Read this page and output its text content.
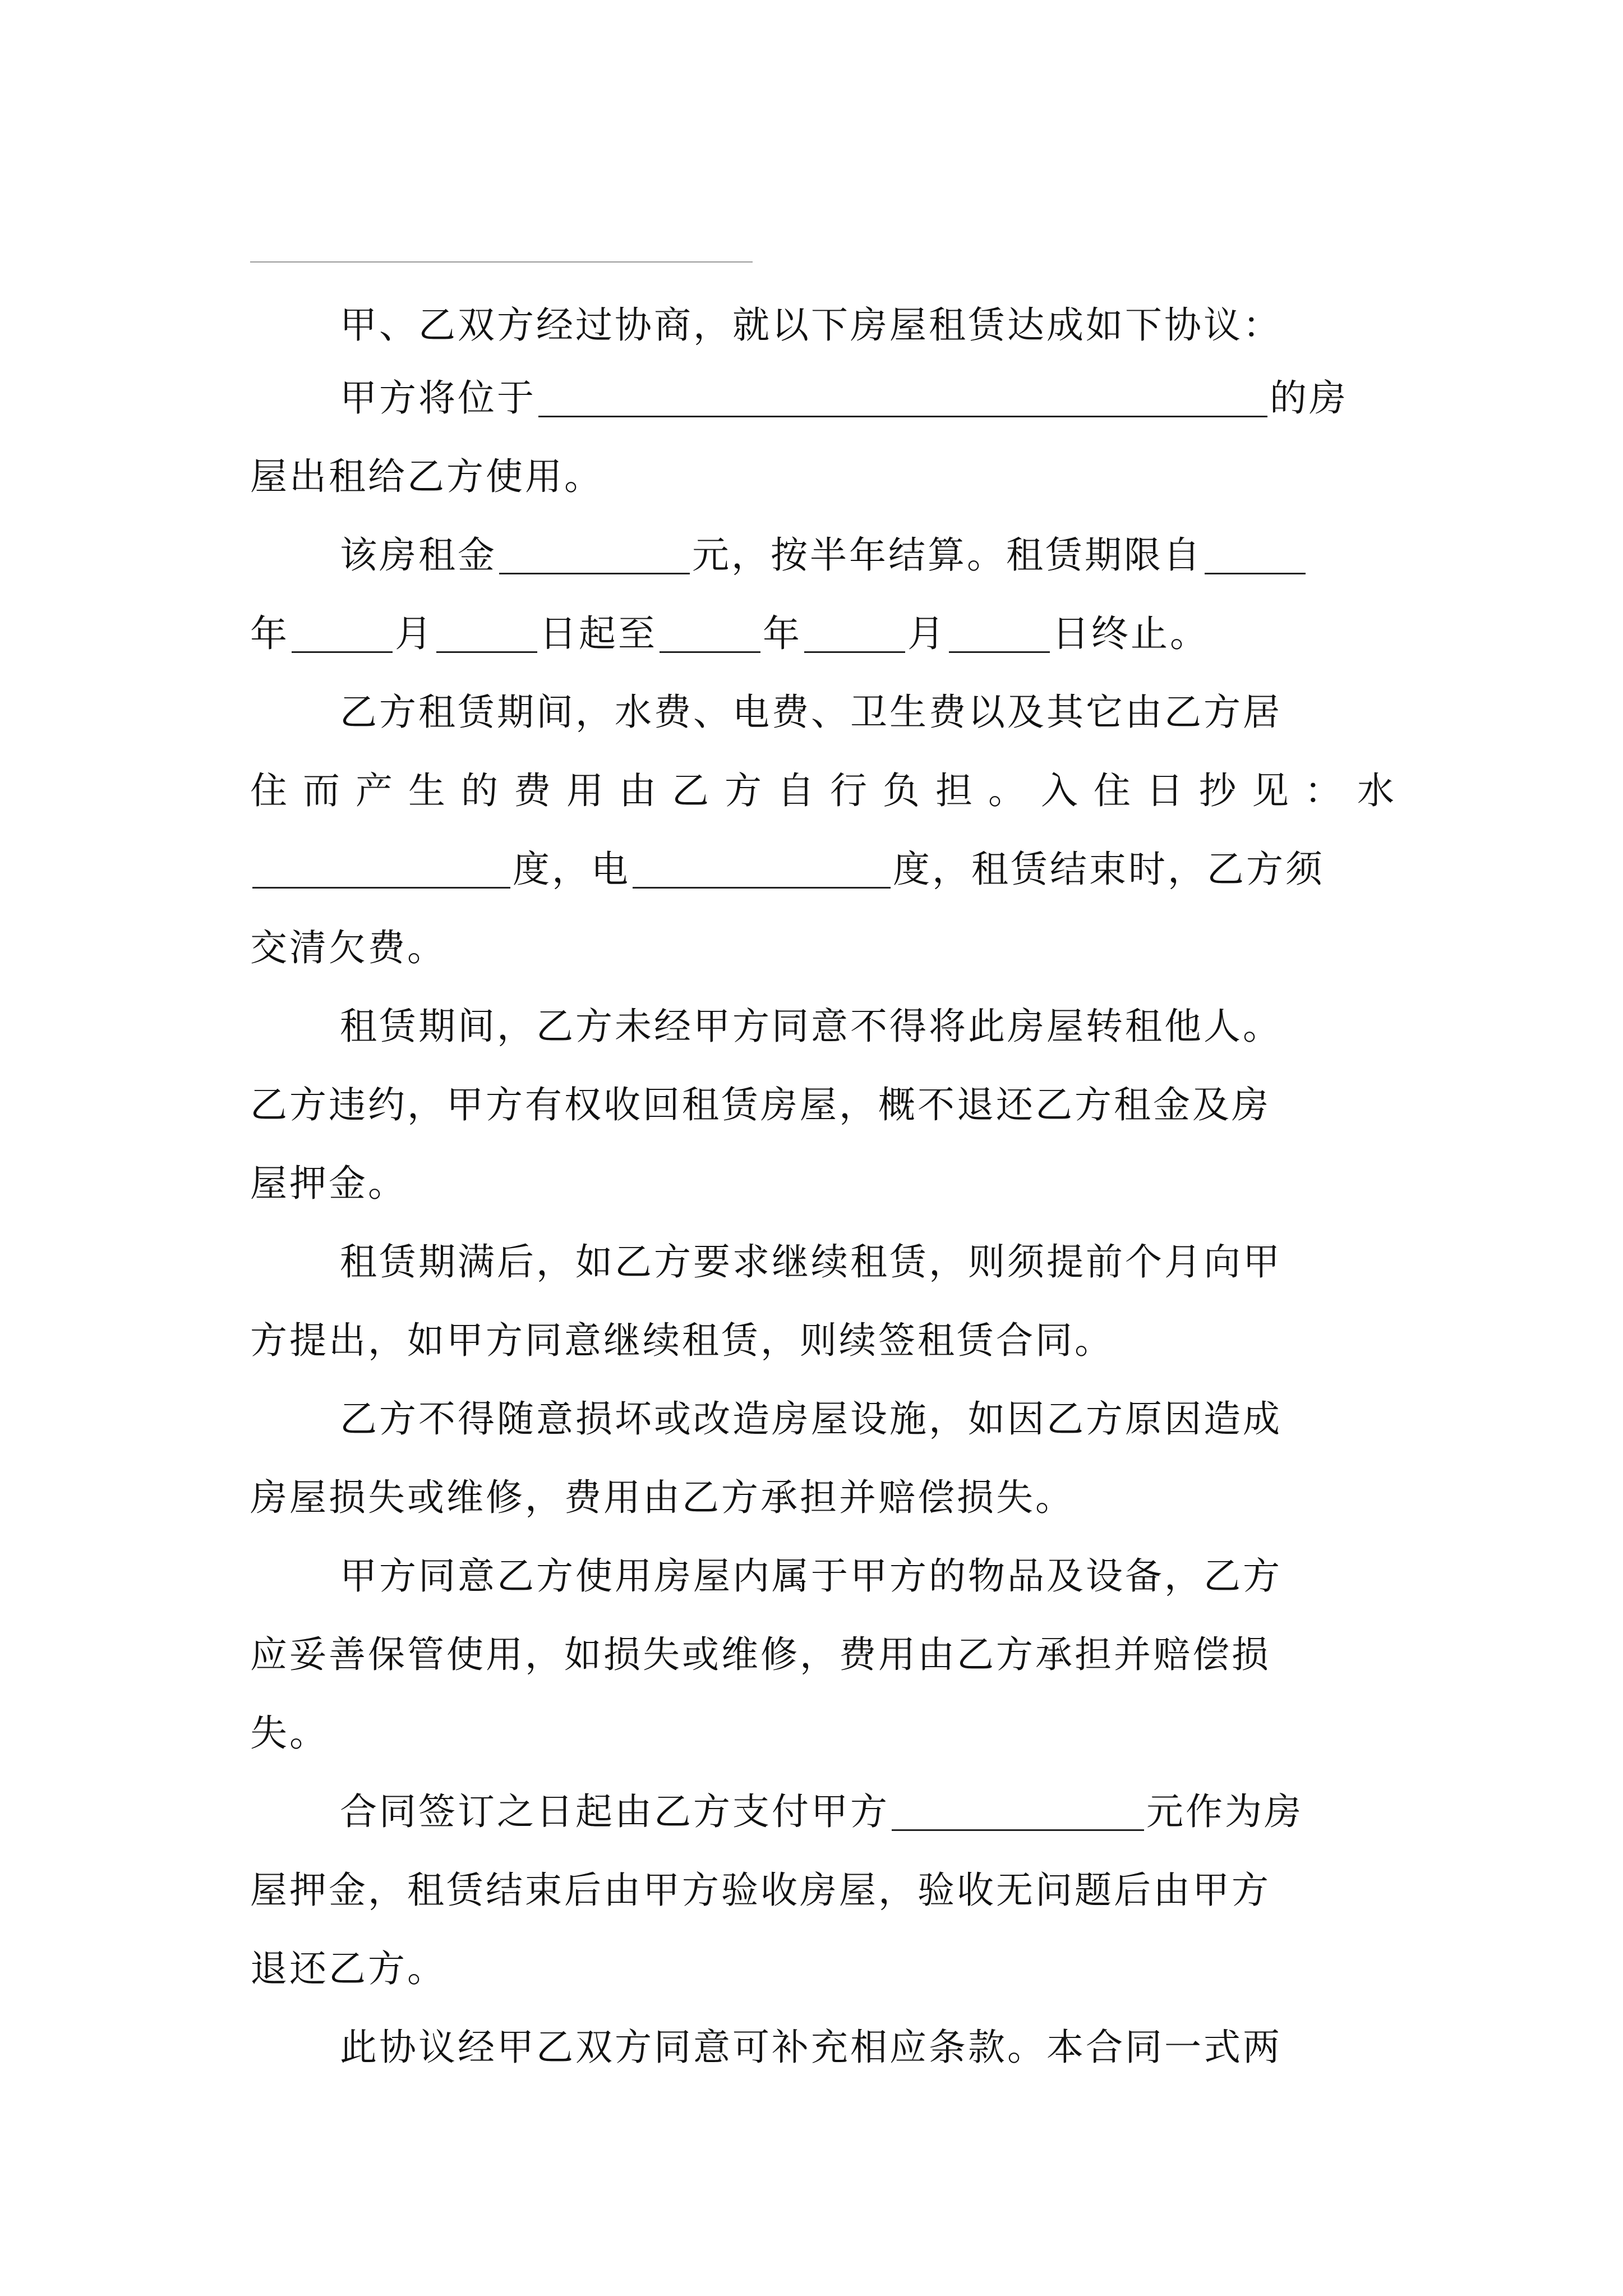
甲、乙双方经过协商，就以下房屋租赁达成如下协议：
甲方将位于	的房
屋出租给乙方使用。
该房租金	元，按半年结算。租赁期限自
年	月	日起至	年	月	日终止。
乙方租赁期间，水费、电费、卫生费以及其它由乙方居
住而产生的费用由乙方自行负担。入住日抄见：水
度，电	度，租赁结束时，乙方须
交清欠费。
租赁期间，乙方未经甲方同意不得将此房屋转租他人。
乙方违约，甲方有权收回租赁房屋，概不退还乙方租金及房
屋押金。
租赁期满后，如乙方要求继续租赁，则须提前个月向甲
方提出，如甲方同意继续租赁，则续签租赁合同。
乙方不得随意损坏或改造房屋设施，如因乙方原因造成
房屋损失或维修，费用由乙方承担并赔偿损失。
甲方同意乙方使用房屋内属于甲方的物品及设备，乙方
应妥善保管使用，如损失或维修，费用由乙方承担并赔偿损
失。
合同签订之日起由乙方支付甲方	元作为房
屋押金，租赁结束后由甲方验收房屋，验收无问题后由甲方
退还乙方。
此协议经甲乙双方同意可补充相应条款。本合同一式两
